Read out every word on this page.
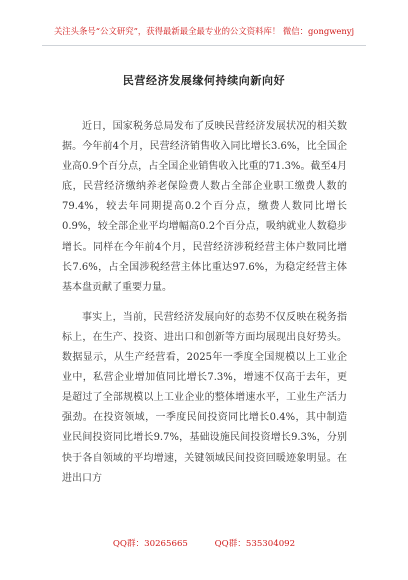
关注头条号“公文研究”，获得最新最全最专业的公文资料库！ 微信：gongwenyj
民营经济发展缘何持续向新向好

近日，国家税务总局发布了反映民营经济发展状况的相关数据。今年前4个月，民营经济销售收入同比增长3.6%，比全国企业高0.9个百分点，占全国企业销售收入比重的71.3%。截至4月底，民营经济缴纳养老保险费人数占全部企业职工缴费人数的79.4%，较去年同期提高0.2个百分点，缴费人数同比增长0.9%，较全部企业平均增幅高0.2个百分点，吸纳就业人数稳步增长。同样在今年前4个月，民营经济涉税经营主体户数同比增长7.6%，占全国涉税经营主体比重达97.6%，为稳定经营主体基本盘贡献了重要力量。

事实上，当前，民营经济发展向好的态势不仅反映在税务指标上，在生产、投资、进出口和创新等方面均展现出良好势头。数据显示，从生产经营看，2025年一季度全国规模以上工业企业中，私营企业增加值同比增长7.3%，增速不仅高于去年，更是超过了全部规模以上工业企业的整体增速水平，工业生产活力强劲。在投资领域，一季度民间投资同比增长0.4%，其中制造业民间投资同比增长9.7%，基础设施民间投资增长9.3%，分别快于各自领域的平均增速，关键领域民间投资回暖迹象明显。在进出口方

QQ群：30265665	QQ群：535304092
